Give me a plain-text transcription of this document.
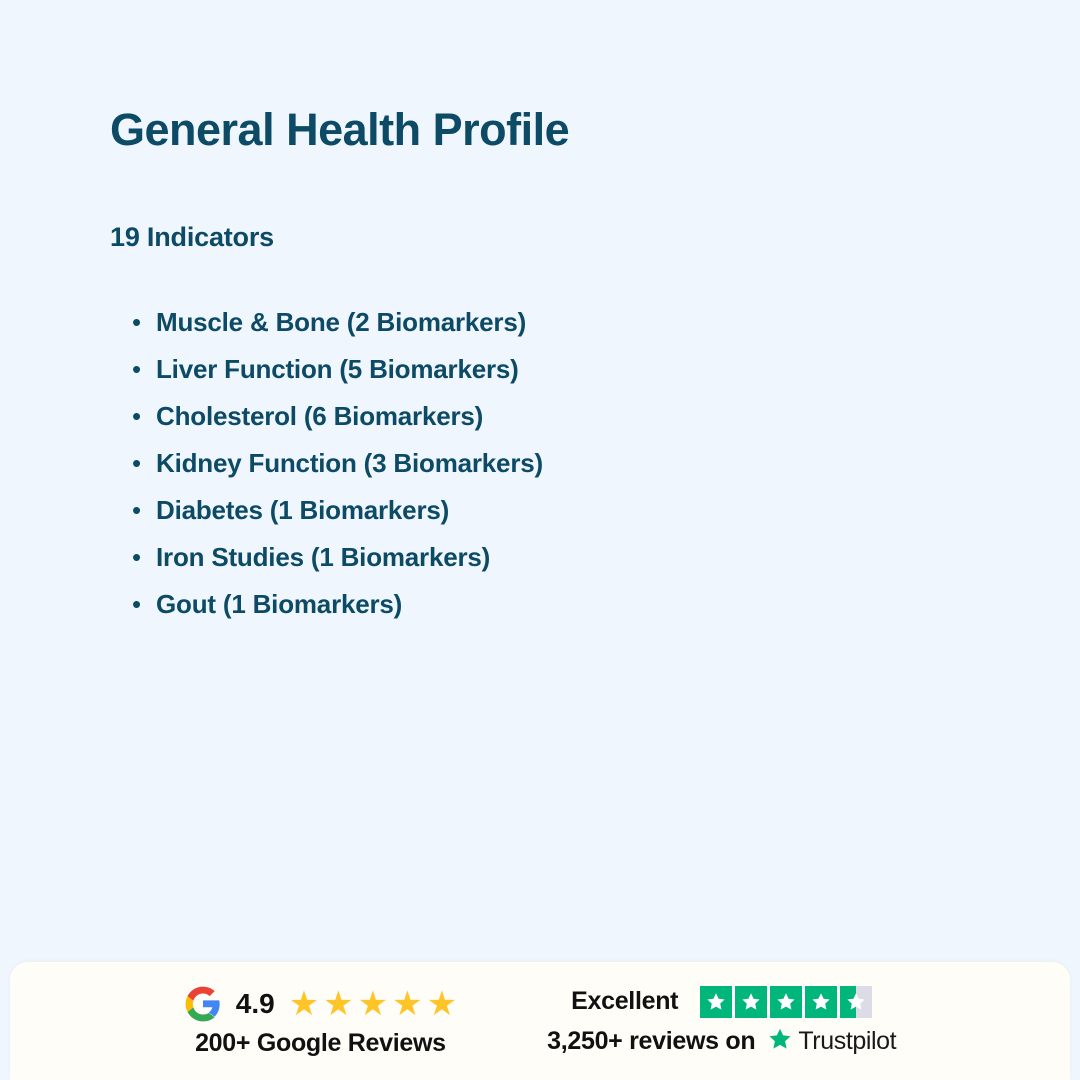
General Health Profile
19 Indicators
• Muscle & Bone (2 Biomarkers)
• Liver Function (5 Biomarkers)
• Cholesterol (6 Biomarkers)
• Kidney Function (3 Biomarkers)
• Diabetes (1 Biomarkers)
• Iron Studies (1 Biomarkers)
• Gout (1 Biomarkers)
4.9 ★ ★ ★ ★ ★
200+ Google Reviews
Excellent
3,250+ reviews on Trustpilot
